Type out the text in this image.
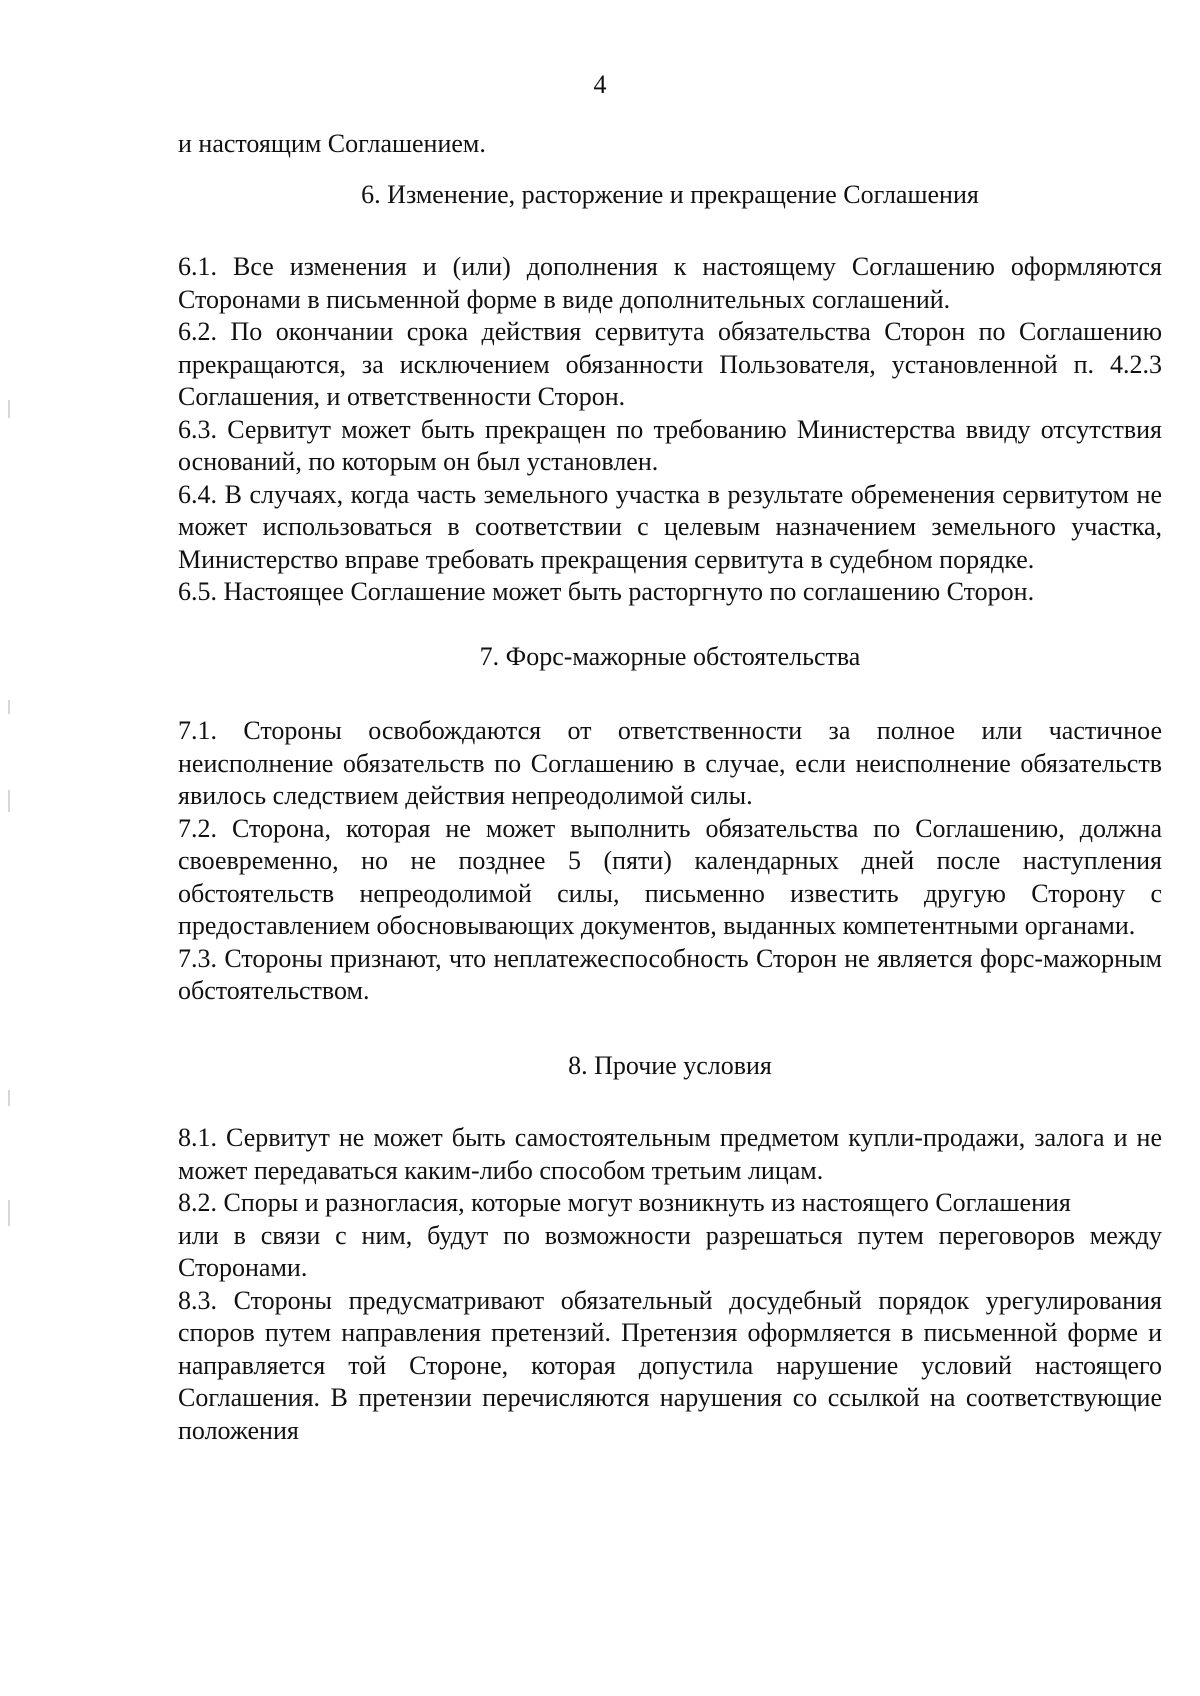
4

и настоящим Соглашением.

6. Изменение, расторжение и прекращение Соглашения

6.1. Все изменения и (или) дополнения к настоящему Соглашению оформляются Сторонами в письменной форме в виде дополнительных соглашений.

6.2. По окончании срока действия сервитута обязательства Сторон по Соглашению прекращаются, за исключением обязанности Пользователя, установленной п. 4.2.3 Соглашения, и ответственности Сторон.

6.3. Сервитут может быть прекращен по требованию Министерства ввиду отсутствия оснований, по которым он был установлен.

6.4. В случаях, когда часть земельного участка в результате обременения сервитутом не может использоваться в соответствии с целевым назначением земельного участка, Министерство вправе требовать прекращения сервитута в судебном порядке.

6.5. Настоящее Соглашение может быть расторгнуто по соглашению Сторон.

7. Форс-мажорные обстоятельства

7.1. Стороны освобождаются от ответственности за полное или частичное неисполнение обязательств по Соглашению в случае, если неисполнение обязательств явилось следствием действия непреодолимой силы.

7.2. Сторона, которая не может выполнить обязательства по Соглашению, должна своевременно, но не позднее 5 (пяти) календарных дней после наступления обстоятельств непреодолимой силы, письменно известить другую Сторону с предоставлением обосновывающих документов, выданных компетентными органами.

7.3. Стороны признают, что неплатежеспособность Сторон не является форс-мажорным обстоятельством.

8. Прочие условия

8.1. Сервитут не может быть самостоятельным предметом купли-продажи, залога и не может передаваться каким-либо способом третьим лицам.

8.2. Споры и разногласия, которые могут возникнуть из настоящего Соглашения

или в связи с ним, будут по возможности разрешаться путем переговоров между Сторонами.

8.3. Стороны предусматривают обязательный досудебный порядок урегулирования споров путем направления претензий. Претензия оформляется в письменной форме и направляется той Стороне, которая допустила нарушение условий настоящего Соглашения. В претензии перечисляются нарушения со ссылкой на соответствующие положения
